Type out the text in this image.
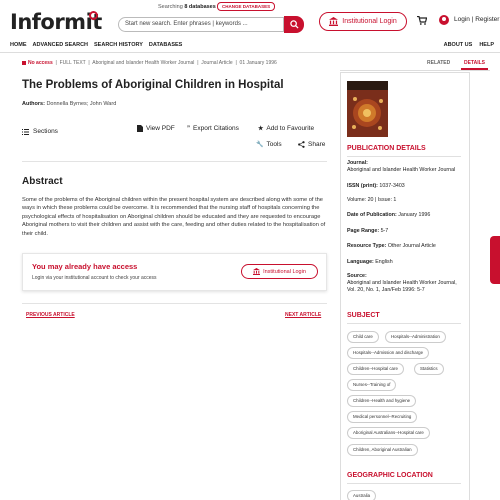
Informit
Searching 8 databases	CHANGE DATABASES
Start new search. Enter phrases | keywords ...	Institutional Login	Login | Register
HOME ADVANCED SEARCH SEARCH HISTORY DATABASES	ABOUT US HELP
No access  |  FULL TEXT  |  Aboriginal and Islander Health Worker Journal  |  Journal Article  |  01 January 1996
The Problems of Aboriginal Children in Hospital
Authors: Donnella Byrnes; John Ward
Sections	View PDF ” Export Citations	★ Add to Favourite
🔧 Tools	Share
Abstract
Some of the problems of the Aboriginal children within the present hospital system are described along with some of the ways in which these problems could be overcome. It is recommended that the nursing staff of hospitals concerning the psychological effects of hospitalisation on Aboriginal children should be educated and they are requested to encourage Aboriginal mothers to visit their children and assist with the care, feeding and other duties related to the hospitalisation of their child.
You may already have access
Login via your institutional account to check your access
Institutional Login
PREVIOUS ARTICLE	NEXT ARTICLE
RELATED	DETAILS
PUBLICATION DETAILS
Journal:
Aboriginal and Islander Health Worker Journal
ISSN (print): 1037-3403
Volume: 20 | Issue: 1
Date of Publication: January 1996
Page Range: 5-7
Resource Type: Other Journal Article
Language: English
Source:
Aboriginal and Islander Health Worker Journal, Vol. 20, No. 1, Jan/Feb 1996: 5-7
SUBJECT
Child care	Hospitals--Administration
Hospitals--Admission and discharge
Children--Hospital care	Statistics
Nurses--Training of
Children--Health and hygiene
Medical personnel--Recruiting
Aboriginal Australians--Hospital care
Children, Aboriginal Australian
GEOGRAPHIC LOCATION
Australia
Feedback
